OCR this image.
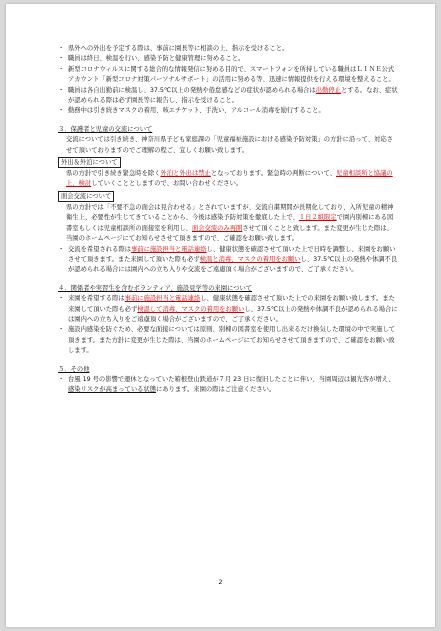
・ 県外への外出を予定する際は、事前に園長等に相談の上、指示を受けること。
・ 職員は終日、検温を行い、感染予防と健康管理に努めること。
・ 新型コロナウィルスに関する総合的な情報発信に努める目的で、スマートフォンを所持している職員はＬＩＮＥ公式アカウント「新型コロナ対策パーソナルサポート」の活用に努める等、迅速に情報提供を行える環境を整えること。
・ 職員は各自出勤前に検温し、37.5℃以上の発熱や倦怠感などの症状が認められる場合は出勤停止とする。なお、症状が認められる際は必ず園長等に報告し、指示を受けること。
・ 勤務中は引き続きマスクの着用、咳エチケット、手洗い、アルコール消毒を励行すること。
３．保護者と児童の交流について
交流については引き続き、神奈川県子ども家庭課の「児童福祉施設における感染予防対策」の方針に沿って、対応させて頂いておりますのでご理解の程ご、宜しくお願い致します。
外出＆外泊について
県の方針で引き続き緊急時を除く外泊と外出は禁止となっております。緊急時の判断について、児童相談所と協議の上、検討していくこととしますので、お問い合わせください。
面会交流について
県の方針では「不要不急の面会は見合わせる」とされていますが、交流自粛期間が長期化しており、入所児童の精神衛生上、必要性が生じてきていることから、今後は感染予防対策を徹底した上で、１日２組限定で園内別棟にある図書室もしくは児童相談所の面接室を利用し、面会交流のみ再開させて頂くことと致します。また変更が生じた際は、当園のホームページにてお知らせさせて頂きますので、ご確認をお願い致します。
・ 交流を希望される際は事前に施設担当と電話連絡し、健康状態を確認させて頂いた上で日時を調整し、来園をお願いさせて頂きます。また来園して頂いた際も必ず検温と消毒、マスクの着用をお願いし、37.5℃以上の発熱や体調不良が認められる場合には園内への立ち入りや交流をご遠慮頂く場合がございますので、ご了承ください。
４．関係者や実習生を含むボランティア、施設見学等の来園について
・ 来園を希望する際は事前に施設担当と電話連絡し、健康状態を確認させて頂いた上での来園をお願い致します。また来園して頂いた際も必ず検温して消毒、マスクの着用をお願いし、37.5℃以上の発熱や体調不良が認められる場合には園内への立ち入りをご遠慮頂く場合がございますので、ご了承ください。
・ 施設内感染を防ぐため、必要な面接については原則、別棟の図書室を使用し出来るだけ換気した環境の中で実施して頂きます。また方針に変更が生じた際は、当園のホームページにてお知らせさせて頂きますので、ご確認をお願い致します。
５．その他
・ 台風 19 号の影響で運休となっていた箱根登山鉄道が７月 23 日に復旧したことに伴い、当園周辺は観光客が増え、感染リスクが高まっている状態にあります。来園の際はご注意ください。
2
